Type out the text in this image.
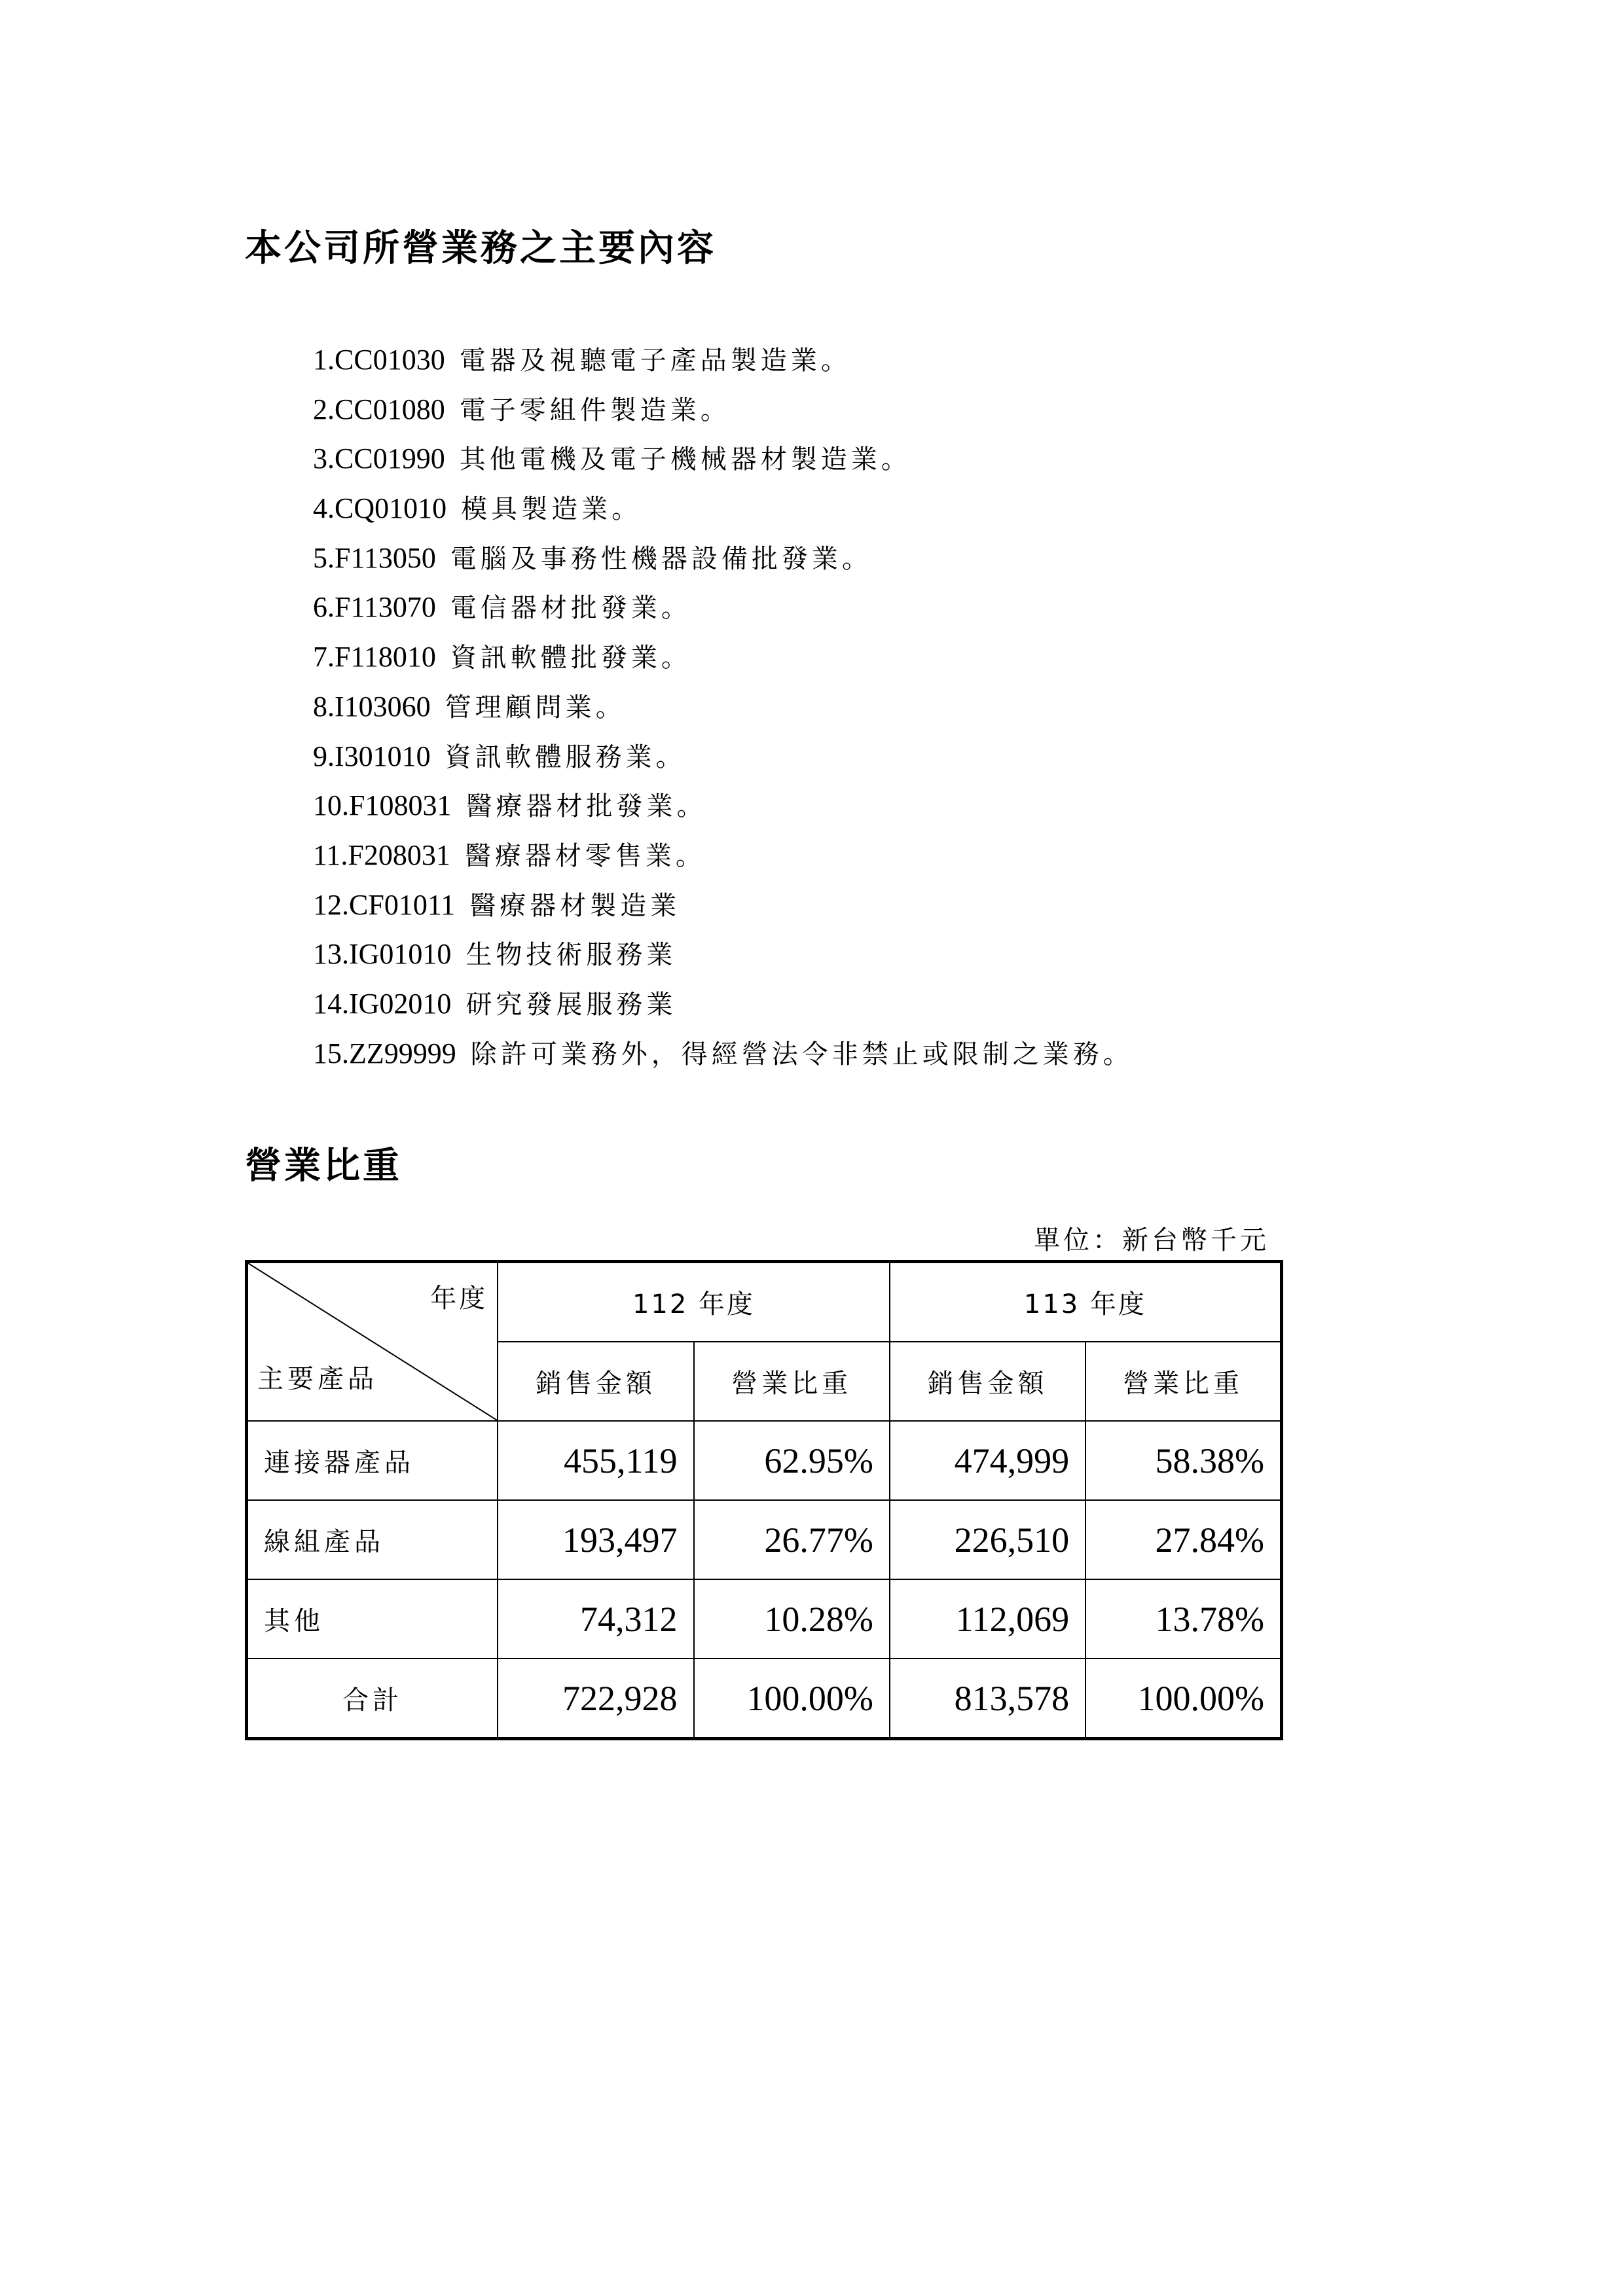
本公司所營業務之主要內容
1.CC01030 電器及視聽電子產品製造業。
2.CC01080 電子零組件製造業。
3.CC01990 其他電機及電子機械器材製造業。
4.CQ01010 模具製造業。
5.F113050 電腦及事務性機器設備批發業。
6.F113070 電信器材批發業。
7.F118010 資訊軟體批發業。
8.I103060 管理顧問業。
9.I301010 資訊軟體服務業。
10.F108031 醫療器材批發業。
11.F208031 醫療器材零售業。
12.CF01011 醫療器材製造業
13.IG01010 生物技術服務業
14.IG02010 研究發展服務業
15.ZZ99999 除許可業務外，得經營法令非禁止或限制之業務。
營業比重
單位：新台幣千元
年度
主要產品	112 年度		113 年度	
	銷售金額	營業比重	銷售金額	營業比重
連接器產品	455,119	62.95%	474,999	58.38%
線組產品	193,497	26.77%	226,510	27.84%
其他	74,312	10.28%	112,069	13.78%
合計	722,928	100.00%	813,578	100.00%
